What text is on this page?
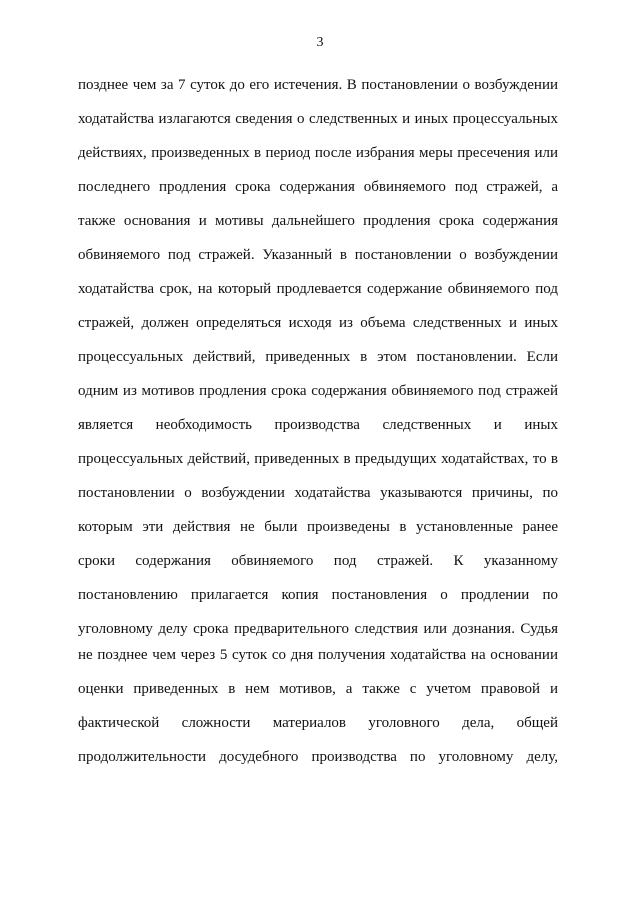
3
позднее чем за 7 суток до его истечения. В постановлении о возбуждении
ходатайства излагаются сведения о следственных и иных процессуальных
действиях, произведенных в период после избрания меры пресечения или
последнего продления срока содержания обвиняемого под стражей, а
также основания и мотивы дальнейшего продления срока содержания
обвиняемого под стражей. Указанный в постановлении о возбуждении
ходатайства срок, на который продлевается содержание обвиняемого под
стражей, должен определяться исходя из объема следственных и иных
процессуальных действий, приведенных в этом постановлении. Если
одним из мотивов продления срока содержания обвиняемого под стражей
является необходимость производства следственных и иных
процессуальных действий, приведенных в предыдущих ходатайствах, то в
постановлении о возбуждении ходатайства указываются причины, по
которым эти действия не были произведены в установленные ранее
сроки содержания обвиняемого под стражей. К указанному
постановлению прилагается копия постановления о продлении по
уголовному делу срока предварительного следствия или дознания. Судья
не позднее чем через 5 суток со дня получения ходатайства на основании
оценки приведенных в нем мотивов, а также с учетом правовой и
фактической сложности материалов уголовного дела, общей
продолжительности досудебного производства по уголовному делу,
